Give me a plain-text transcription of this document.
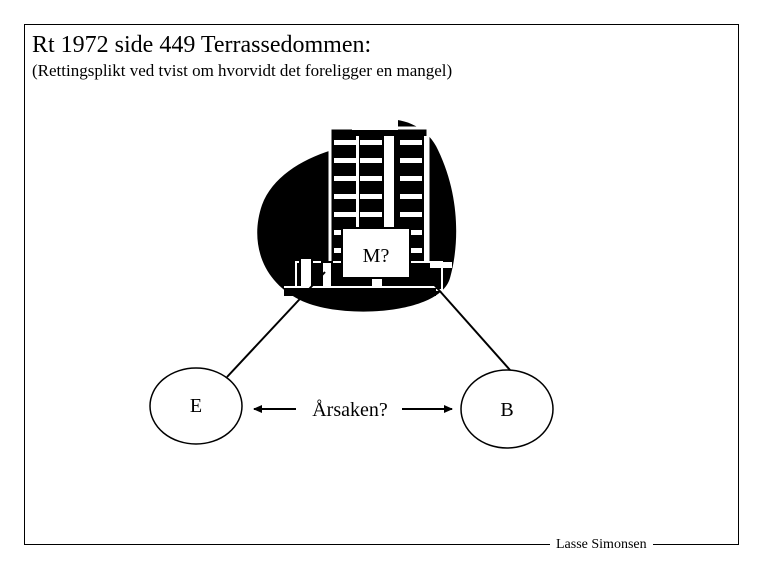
Rt 1972 side 449 Terrassedommen:
(Rettingsplikt ved tvist om hvorvidt det foreligger en mangel)
M?
E	B
Årsaken?
Lasse Simonsen
